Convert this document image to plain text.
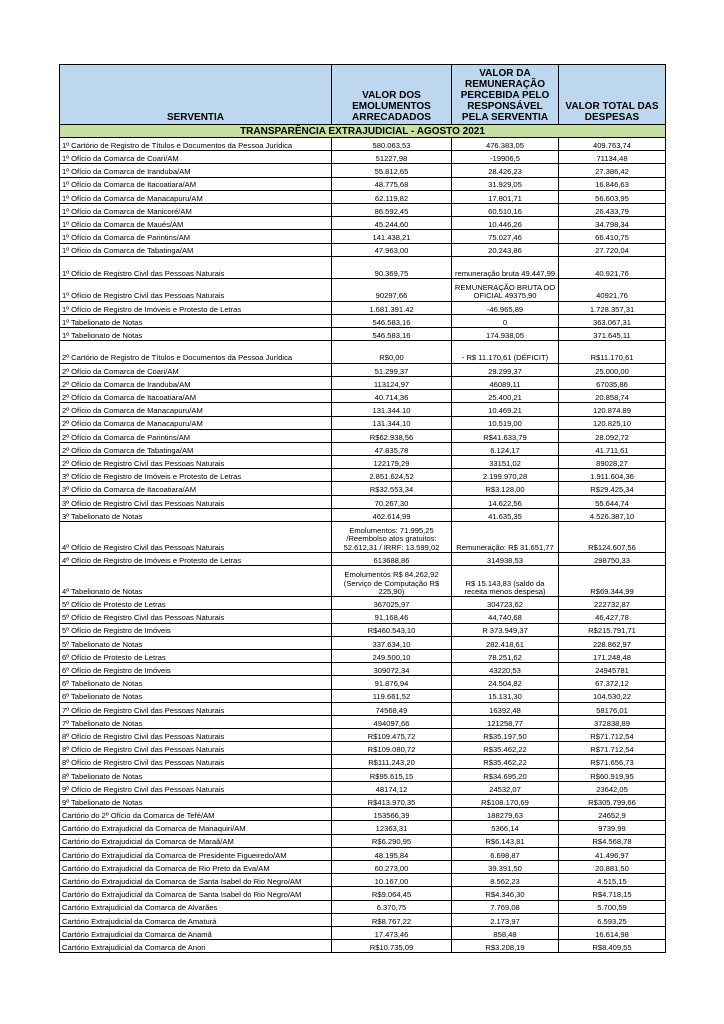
SERVENTIA	VALOR DOS EMOLUMENTOS ARRECADADOS	VALOR DA REMUNERAÇÃO PERCEBIDA PELO RESPONSÁVEL PELA SERVENTIA	VALOR TOTAL DAS DESPESAS
TRANSPARÊNCIA EXTRAJUDICIAL - AGOSTO 2021			
1º Cartório de Registro de Títulos e Documentos da Pessoa Jurídica	580.063,53	476.383,05	409.763,74
1º Ofício da Comarca de Coari/AM	51227,98	-19906,5	71134,48
1º Ofício da Comarca de Iranduba/AM	55.812,65	28.426,23	27.386,42
1º Ofício da Comarca de Itacoatiara/AM	48.775,68	31.929,05	16.846,63
1º Ofício da Comarca de Manacapuru/AM	62.119,82	17.801,71	56.603,95
1º Ofício da Comarca de Manicoré/AM	86.592,45	60.510,16	26.433,79
1º Ofício da Comarca de Maués/AM	45.244,60	10.446,26	34.798,34
1º Ofício da Comarca de Parintins/AM	141.438,21	75.027,46	66.410,75
1º Ofício da Comarca de Tabatinga/AM	47.963,00	20.243,86	27.720,04
1º Ofício de Registro Civil das Pessoas Naturais	90.369,75	remuneração bruta 49.447,99	40.921,76
1º Ofício de Registro Civil das Pessoas Naturais	90297,66	REMUNERAÇÃO BRUTA DO OFICIAL 49375,90	40921,76
1º Ofício de Registro de Imóveis e Protesto de Letras	1.681.391.42	-46.965,89	1.728.357,31
1º Tabelionato de Notas	546.583,16	0	363.067,31
1º Tabelionato de Notas	546.583,16	174.938,05	371.645,11
2º Cartório de Registro de Títulos e Documentos da Pessoa Jurídica	R$0,00	- R$ 11.170,61 (DÉFICIT)	R$11.170,61
2º Ofício da Comarca de Coari/AM	51.299,37	29.299,37	25.000,00
2º Ofício da Comarca de Iranduba/AM	113124,97	46089,11	67035,86
2º Ofício da Comarca de Itacoatiara/AM	40.714,36	25.400,21	20.858,74
2º Ofício da Comarca de Manacapuru/AM	131.344.10	10.469.21	120.874.89
2º Ofício da Comarca de Manacapuru/AM	131.344,10	10.519,00	120.825,10
2º Ofício da Comarca de Parintins/AM	R$62.938,56	R$41.633,79	28.092,72
2º Ofício da Comarca de Tabatinga/AM	47.835,78	6.124,17	41.711,61
2º Ofício de Registro Civil das Pessoas Naturais	122179,29	33151,02	89028,27
3º Ofício de Registro de Imóveis e Protesto de Letras	2.851.624,52	2.199.970,28	1.911.604,36
3º Ofício da Comarca de Itacoatiara/AM	R$32.553,34	R$3.128,00	R$29.425,34
3º Ofício de Registro Civil das Pessoas Naturais	70.267,30	14.622,56	55.644,74
3º Tabelionato de Notas	462.614,99	41.635,35	4.526.387,10
4º Ofício de Registro Civil das Pessoas Naturais	Emolumentos: 71.995,25 /Reembolso atos gratuitos: 52.612,31 / IRRF: 13.599,02	Remuneração: R$ 31.651,77	R$124.607,56
4º Ofício de Registro de Imóveis e Protesto de Letras	613688,86	314938,53	298750,33
4º Tabelionato de Notas	Emolumentos R$ 84.262,92 (Serviço de Computação R$ 225,90)	R$ 15.143,83 (saldo da receita menos despesa)	R$69.344,99
5º Ofício de Protesto de Letras	367025,97	304723,62	222732,87
5º Ofício de Registro Civil das Pessoas Naturais	91,168,46	44,740,68	46,427,78
5º Ofício de Registro de Imóveis	R$460.543,10	R 373.949,37	R$215.791,71
5º Tabelionato de Notas	337.634,10	282.418,61	228.862,97
6º Ofício de Protesto de Letras	249.500,10	78.251,62	171.248,48
6º Ofício de Registro de Imóveis	309072,34	43220,53	24945781
6º Tabelionato de Notas	91.876,94	24.504,82	67.372,12
6º Tabelionato de Notas	119.661,52	15.131,30	104.530,22
7º Ofício de Registro Civil das Pessoas Naturais	74568,49	16392,48	58176,01
7º Tabelionato de Notas	494097,66	121258,77	372838,89
8º Ofício de Registro Civil das Pessoas Naturais	R$109.475,72	R$35.197,50	R$71.712,54
8º Ofício de Registro Civil das Pessoas Naturais	R$109.080,72	R$35.462,22	R$71.712,54
8º Ofício de Registro Civil das Pessoas Naturais	R$111.243,20	R$35.462,22	R$71.656,73
8º Tabelionato de Notas	R$95.615,15	R$34.695,20	R$60.919,95
9º Ofício de Registro Civil das Pessoas Naturais	48174,12	24532,07	23642,05
9º Tabelionato de Notas	R$413.970,35	R$108.170,69	R$305.799,66
Cartório do 2º Ofício da Comarca de Tefé/AM	153566,39	188279,63	24652,9
Cartório do Extrajudicial da Comarca de Manaquiri/AM	12363,31	5366,14	9739,99
Cartório do Extrajudicial da Comarca de Maraã/AM	R$6.290,95	R$6.143,81	R$4.568,78
Cartório do Extrajudicial da Comarca de Presidente Figueiredo/AM	48.195,84	6.698,87	41.496,97
Cartório do Extrajudicial da Comarca de Rio Preto da Eva/AM	60.273,00	39.391,50	20.881,50
Cartório do Extrajudicial da Comarca de Santa Isabel do Rio Negro/AM	10.167,00	8.562,23	4.515,15
Cartório do Extrajudicial da Comarca de Santa Isabel do Rio Negro/AM	R$9.064,45	R$4.346,30	R$4.718,15
Cartório Extrajudicial da Comarca de Alvarães	6.370,75	7.769,08	5.700,59
Cartório Extrajudicial da Comarca de Amaturá	R$8.767,22	2.173,97	6.593,25
Cartório Extrajudicial da Comarca de Anamã	17.473,46	858,48	16.614,98
Cartório Extrajudicial da Comarca de Anori	R$10.735,09	R$3.208,19	R$8.409,55
